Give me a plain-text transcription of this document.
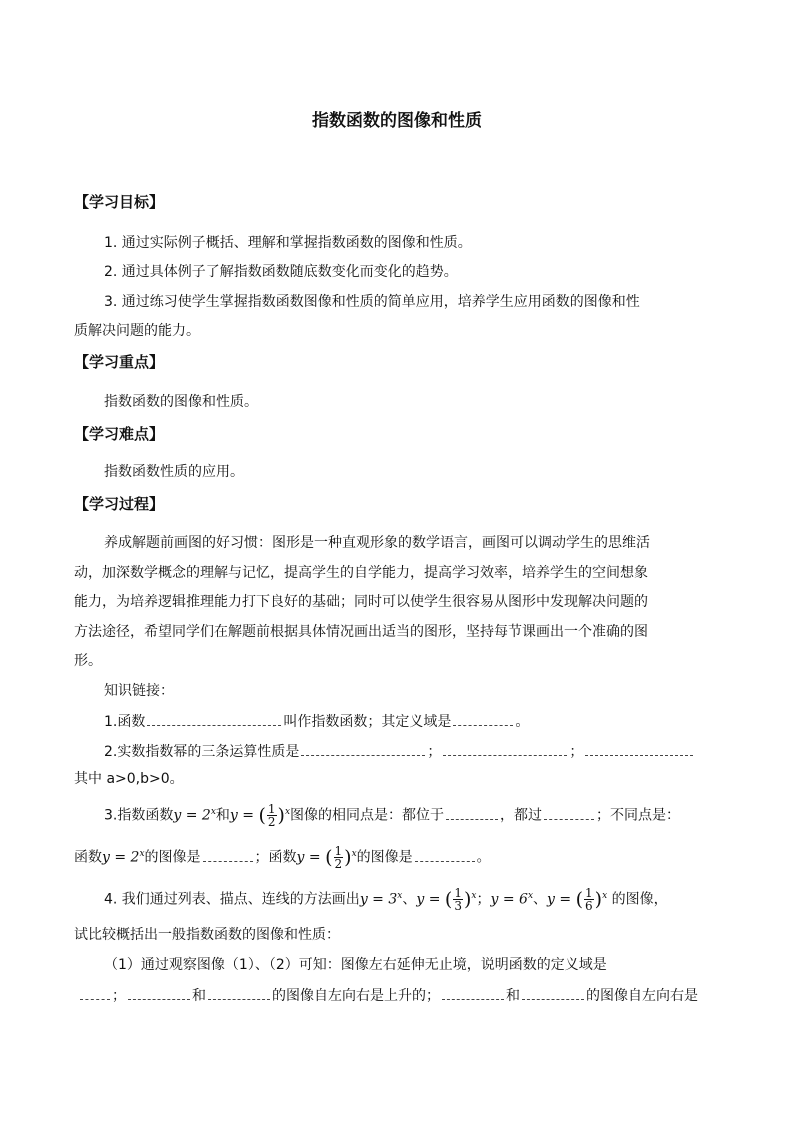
指数函数的图像和性质
【学习目标】
1. 通过实际例子概括、理解和掌握指数函数的图像和性质。
2. 通过具体例子了解指数函数随底数变化而变化的趋势。
3. 通过练习使学生掌握指数函数图像和性质的简单应用，培养学生应用函数的图像和性
质解决问题的能力。
【学习重点】
指数函数的图像和性质。
【学习难点】
指数函数性质的应用。
【学习过程】
养成解题前画图的好习惯：图形是一种直观形象的数学语言，画图可以调动学生的思维活
动，加深数学概念的理解与记忆，提高学生的自学能力，提高学习效率，培养学生的空间想象
能力，为培养逻辑推理能力打下良好的基础；同时可以使学生很容易从图形中发现解决问题的
方法途径，希望同学们在解题前根据具体情况画出适当的图形，坚持每节课画出一个准确的图
形。
知识链接：
1.函数	叫作指数函数；其定义域是	。
2.实数指数幂的三条运算性质是	；	；
其中 a>0,b>0。
3.指数函数$y = 2^x$和y = ( $\frac{1}{2} )^x$图像的相同点是：都位于	，都过	；不同点是：
函数$y = 2^x$的图像是	；函数y = ( $\frac{1}{2} )^x$的图像是	。
4. 我们通过列表、描点、连线的方法画出$y = 3^x$、y = ( $\frac{1}{3} )^x$；$y = 6^x$、y = ( $\frac{1}{6} )^x$ 的图像，
试比较概括出一般指数函数的图像和性质：
（1）通过观察图像（1）、（2）可知：图像左右延伸无止境，说明函数的定义域是
；	和	的图像自左向右是上升的；	和	的图像自左向右是
